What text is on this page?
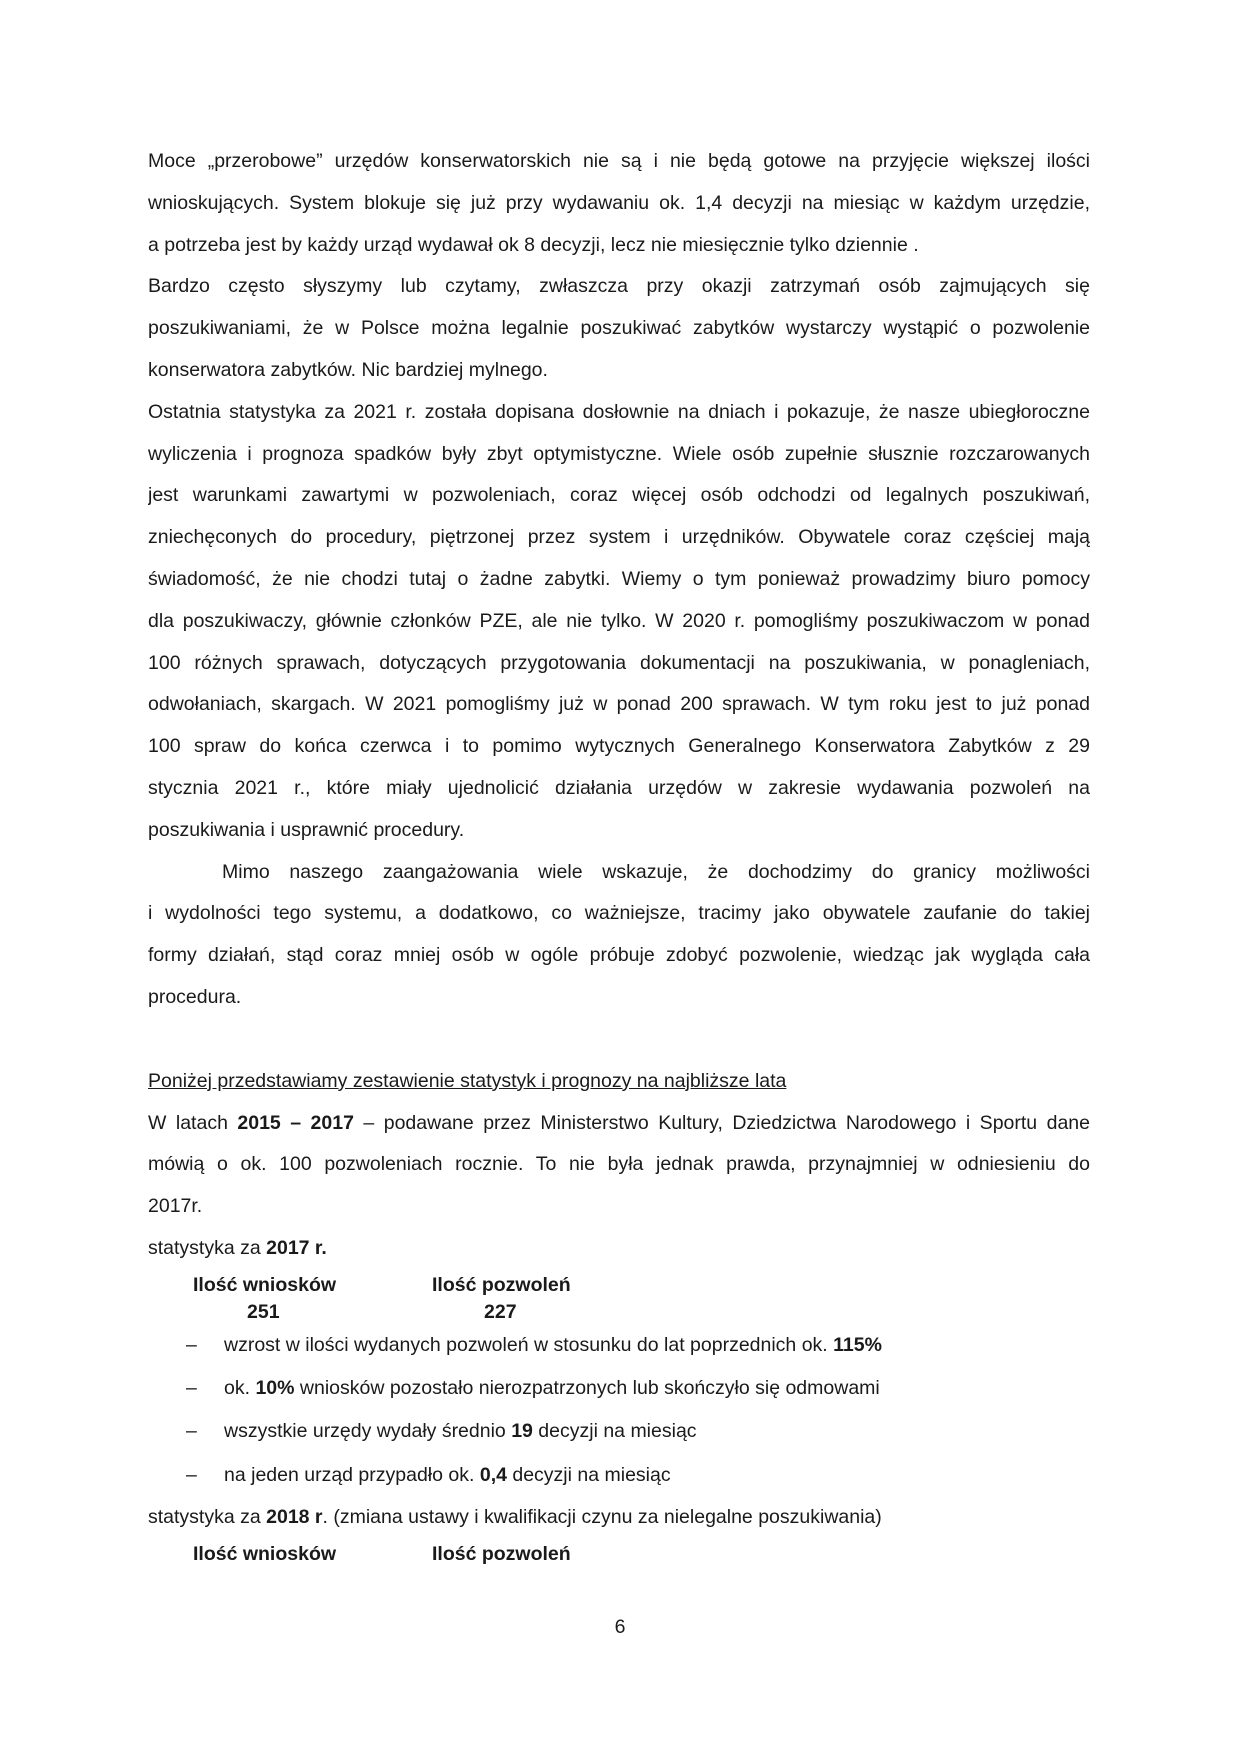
Moce „przerobowe” urzędów konserwatorskich nie są i nie będą gotowe na przyjęcie większej ilości
wnioskujących. System blokuje się już przy wydawaniu ok. 1,4 decyzji na miesiąc w każdym urzędzie,
a potrzeba jest by każdy urząd wydawał ok 8 decyzji, lecz nie miesięcznie tylko dziennie .
Bardzo często słyszymy lub czytamy, zwłaszcza przy okazji zatrzymań osób zajmujących się
poszukiwaniami, że w Polsce można legalnie poszukiwać zabytków wystarczy wystąpić o pozwolenie
konserwatora zabytków. Nic bardziej mylnego.
Ostatnia statystyka za 2021 r. została dopisana dosłownie na dniach i pokazuje, że nasze ubiegłoroczne
wyliczenia i prognoza spadków były zbyt optymistyczne. Wiele osób zupełnie słusznie rozczarowanych
jest warunkami zawartymi w pozwoleniach, coraz więcej osób odchodzi od legalnych poszukiwań,
zniechęconych do procedury, piętrzonej przez system i urzędników. Obywatele coraz częściej mają
świadomość, że nie chodzi tutaj o żadne zabytki. Wiemy o tym ponieważ prowadzimy biuro pomocy
dla poszukiwaczy, głównie członków PZE, ale nie tylko. W 2020 r. pomogliśmy poszukiwaczom w ponad
100 różnych sprawach, dotyczących przygotowania dokumentacji na poszukiwania, w ponagleniach,
odwołaniach, skargach. W 2021 pomogliśmy już w ponad 200 sprawach. W tym roku jest to już ponad
100 spraw do końca czerwca i to pomimo wytycznych Generalnego Konserwatora Zabytków z 29
stycznia 2021 r., które miały ujednolicić działania urzędów w zakresie wydawania pozwoleń na
poszukiwania i usprawnić procedury.
Mimo naszego zaangażowania wiele wskazuje, że dochodzimy do granicy możliwości
i wydolności tego systemu, a dodatkowo, co ważniejsze, tracimy jako obywatele zaufanie do takiej
formy działań, stąd coraz mniej osób w ogóle próbuje zdobyć pozwolenie, wiedząc jak wygląda cała
procedura.
Poniżej przedstawiamy zestawienie statystyk i prognozy na najbliższe lata
W latach 2015 – 2017 – podawane przez Ministerstwo Kultury, Dziedzictwa Narodowego i Sportu dane
mówią o ok. 100 pozwoleniach rocznie. To nie była jednak prawda, przynajmniej w odniesieniu do
2017r.
statystyka za 2017 r.
Ilość wniosków	Ilość pozwoleń
251	227
– wzrost w ilości wydanych pozwoleń w stosunku do lat poprzednich ok. 115%
– ok. 10% wniosków pozostało nierozpatrzonych lub skończyło się odmowami
– wszystkie urzędy wydały średnio 19 decyzji na miesiąc
– na jeden urząd przypadło ok. 0,4 decyzji na miesiąc
statystyka za 2018 r. (zmiana ustawy i kwalifikacji czynu za nielegalne poszukiwania)
Ilość wniosków	Ilość pozwoleń
6
